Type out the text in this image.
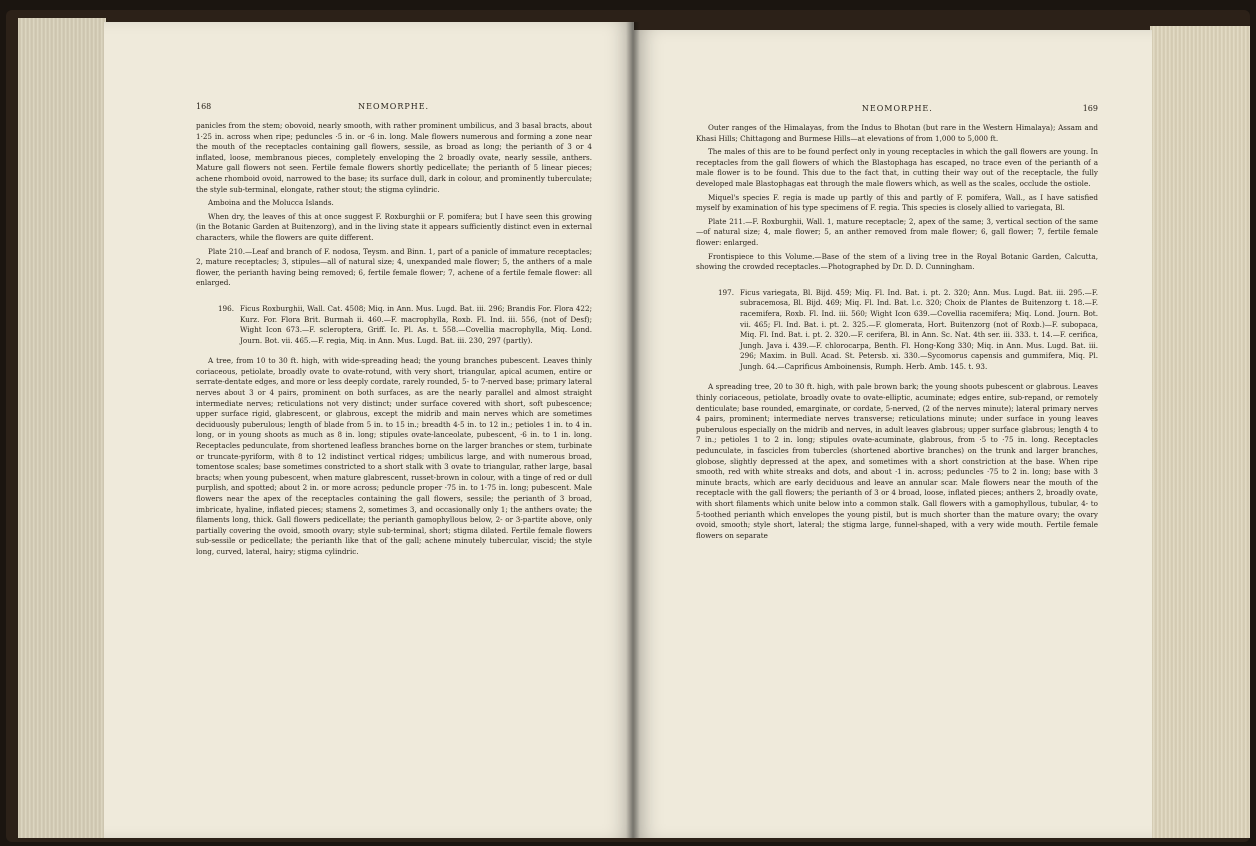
168	NEOMORPHE.

panicles from the stem; obovoid, nearly smooth, with rather prominent umbilicus, and 3 basal bracts, about 1·25 in. across when ripe; peduncles ·5 in. or ·6 in. long. Male flowers numerous and forming a zone near the mouth of the receptacles containing gall flowers, sessile, as broad as long; the perianth of 3 or 4 inflated, loose, membranous pieces, completely enveloping the 2 broadly ovate, nearly sessile, anthers. Mature gall flowers not seen. Fertile female flowers shortly pedicellate; the perianth of 5 linear pieces; achene rhomboid ovoid, narrowed to the base; its surface dull, dark in colour, and prominently tuberculate; the style sub-terminal, elongate, rather stout; the stigma cylindric.

Amboina and the Molucca Islands.

When dry, the leaves of this at once suggest F. Roxburghii or F. pomifera; but I have seen this growing (in the Botanic Garden at Buitenzorg), and in the living state it appears sufficiently distinct even in external characters, while the flowers are quite different.

Plate 210.—Leaf and branch of F. nodosa, Teysm. and Binn. 1, part of a panicle of immature receptacles; 2, mature receptacles; 3, stipules—all of natural size; 4, unexpanded male flower; 5, the anthers of a male flower, the perianth having being removed; 6, fertile female flower; 7, achene of a fertile female flower: all enlarged.

196. Ficus Roxburghii, Wall. Cat. 4508; Miq. in Ann. Mus. Lugd. Bat. iii. 296; Brandis For. Flora 422; Kurz. For. Flora Brit. Burmah ii. 460.—F. macrophylla, Roxb. Fl. Ind. iii. 556, (not of Desf); Wight Icon 673.—F. scleroptera, Griff. Ic. Pl. As. t. 558.—Covellia macrophylla, Miq. Lond. Journ. Bot. vii. 465.—F. regia, Miq. in Ann. Mus. Lugd. Bat. iii. 230, 297 (partly).

A tree, from 10 to 30 ft. high, with wide-spreading head; the young branches pubescent. Leaves thinly coriaceous, petiolate, broadly ovate to ovate-rotund, with very short, triangular, apical acumen, entire or serrate-dentate edges, and more or less deeply cordate, rarely rounded, 5- to 7-nerved base; primary lateral nerves about 3 or 4 pairs, prominent on both surfaces, as are the nearly parallel and almost straight intermediate nerves; reticulations not very distinct; under surface covered with short, soft pubescence; upper surface rigid, glabrescent, or glabrous, except the midrib and main nerves which are sometimes deciduously puberulous; length of blade from 5 in. to 15 in.; breadth 4·5 in. to 12 in.; petioles 1 in. to 4 in. long, or in young shoots as much as 8 in. long; stipules ovate-lanceolate, pubescent, ·6 in. to 1 in. long. Receptacles pedunculate, from shortened leafless branches borne on the larger branches or stem, turbinate or truncate-pyriform, with 8 to 12 indistinct vertical ridges; umbilicus large, and with numerous broad, tomentose scales; base sometimes constricted to a short stalk with 3 ovate to triangular, rather large, basal bracts; when young pubescent, when mature glabrescent, russet-brown in colour, with a tinge of red or dull purplish, and spotted; about 2 in. or more across; peduncle proper ·75 in. to 1·75 in. long; pubescent. Male flowers near the apex of the receptacles containing the gall flowers, sessile; the perianth of 3 broad, imbricate, hyaline, inflated pieces; stamens 2, sometimes 3, and occasionally only 1; the anthers ovate; the filaments long, thick. Gall flowers pedicellate; the perianth gamophyllous below, 2- or 3-partite above, only partially covering the ovoid, smooth ovary; style sub-terminal, short; stigma dilated. Fertile female flowers sub-sessile or pedicellate; the perianth like that of the gall; achene minutely tubercular, viscid; the style long, curved, lateral, hairy; stigma cylindric.

NEOMORPHE.	169

Outer ranges of the Himalayas, from the Indus to Bhotan (but rare in the Western Himalaya); Assam and Khasi Hills; Chittagong and Burmese Hills—at elevations of from 1,000 to 5,000 ft.

The males of this are to be found perfect only in young receptacles in which the gall flowers are young. In receptacles from the gall flowers of which the Blastophaga has escaped, no trace even of the perianth of a male flower is to be found. This due to the fact that, in cutting their way out of the receptacle, the fully developed male Blastophagas eat through the male flowers which, as well as the scales, occlude the ostiole.

Miquel's species F. regia is made up partly of this and partly of F. pomifera, Wall., as I have satisfied myself by examination of his type specimens of F. regia. This species is closely allied to variegata, Bl.

Plate 211.—F. Roxburghii, Wall. 1, mature receptacle; 2, apex of the same; 3, vertical section of the same—of natural size; 4, male flower; 5, an anther removed from male flower; 6, gall flower; 7, fertile female flower: enlarged.

Frontispiece to this Volume.—Base of the stem of a living tree in the Royal Botanic Garden, Calcutta, showing the crowded receptacles.—Photographed by Dr. D. D. Cunningham.

197. Ficus variegata, Bl. Bijd. 459; Miq. Fl. Ind. Bat. i. pt. 2. 320; Ann. Mus. Lugd. Bat. iii. 295.—F. subracemosa, Bl. Bijd. 469; Miq. Fl. Ind. Bat. l.c. 320; Choix de Plantes de Buitenzorg t. 18.—F. racemifera, Roxb. Fl. Ind. iii. 560; Wight Icon 639.—Covellia racemifera; Miq. Lond. Journ. Bot. vii. 465; Fl. Ind. Bat. i. pt. 2. 325.—F. glomerata, Hort. Buitenzorg (not of Roxb.)—F. subopaca, Miq. Fl. Ind. Bat. i. pt. 2. 320.—F. cerifera, Bl. in Ann. Sc. Nat. 4th ser. iii. 333. t. 14.—F. cerifica, Jungh. Java i. 439.—F. chlorocarpa, Benth. Fl. Hong-Kong 330; Miq. in Ann. Mus. Lugd. Bat. iii. 296; Maxim. in Bull. Acad. St. Petersb. xi. 330.—Sycomorus capensis and gummifera, Miq. Pl. Jungh. 64.—Caprificus Amboinensis, Rumph. Herb. Amb. 145. t. 93.

A spreading tree, 20 to 30 ft. high, with pale brown bark; the young shoots pubescent or glabrous. Leaves thinly coriaceous, petiolate, broadly ovate to ovate-elliptic, acuminate; edges entire, sub-repand, or remotely denticulate; base rounded, emarginate, or cordate, 5-nerved, (2 of the nerves minute); lateral primary nerves 4 pairs, prominent; intermediate nerves transverse; reticulations minute; under surface in young leaves puberulous especially on the midrib and nerves, in adult leaves glabrous; upper surface glabrous; length 4 to 7 in.; petioles 1 to 2 in. long; stipules ovate-acuminate, glabrous, from ·5 to ·75 in. long. Receptacles pedunculate, in fascicles from tubercles (shortened abortive branches) on the trunk and larger branches, globose, slightly depressed at the apex, and sometimes with a short constriction at the base. When ripe smooth, red with white streaks and dots, and about ·1 in. across; peduncles ·75 to 2 in. long; base with 3 minute bracts, which are early deciduous and leave an annular scar. Male flowers near the mouth of the receptacle with the gall flowers; the perianth of 3 or 4 broad, loose, inflated pieces; anthers 2, broadly ovate, with short filaments which unite below into a common stalk. Gall flowers with a gamophyllous, tubular, 4- to 5-toothed perianth which envelopes the young pistil, but is much shorter than the mature ovary; the ovary ovoid, smooth; style short, lateral; the stigma large, funnel-shaped, with a very wide mouth. Fertile female flowers on separate
